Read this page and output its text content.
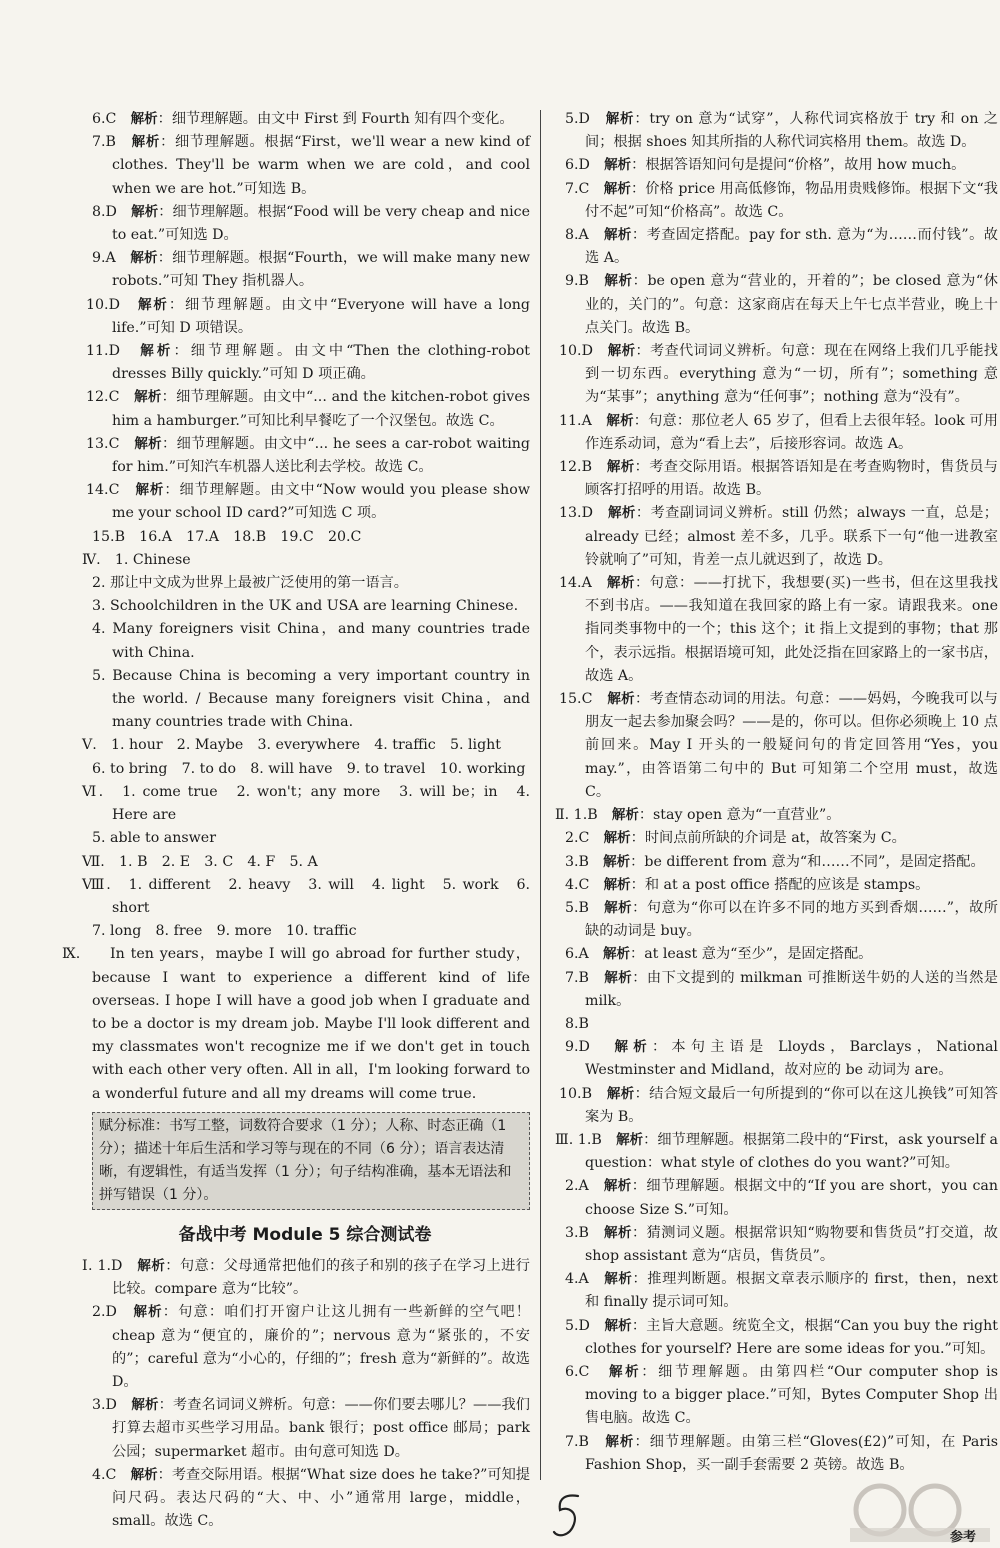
6.C　 解析：细节理解题。由文中 First 到 Fourth 知有四个变化。

7.B　 解析：细节理解题。根据“First，we'll wear a new kind of clothes. They'll be warm when we are cold，and cool when we are hot.”可知选 B。

8.D　 解析：细节理解题。根据“Food will be very cheap and nice to eat.”可知选 D。

9.A　 解析：细节理解题。根据“Fourth，we will make many new robots.”可知 They 指机器人。

10.D　 解析：细节理解题。由文中“Everyone will have a long life.”可知 D 项错误。

11.D　 解析：细节理解题。由文中“Then the clothing-robot dresses Billy quickly.”可知 D 项正确。

12.C　 解析：细节理解题。由文中“... and the kitchen-robot gives him a hamburger.”可知比利早餐吃了一个汉堡包。故选 C。

13.C　 解析：细节理解题。由文中“... he sees a car-robot waiting for him.”可知汽车机器人送比利去学校。故选 C。

14.C　 解析：细节理解题。由文中“Now would you please show me your school ID card?”可知选 C 项。

15.B　16.A　17.A　18.B　19.C　20.C

Ⅳ.　 1. Chinese

2. 那让中文成为世界上最被广泛使用的第一语言。

3. Schoolchildren in the UK and USA are learning Chinese.

4. Many foreigners visit China，and many countries trade with China.

5. Because China is becoming a very important country in the world. / Because many foreigners visit China，and many countries trade with China.

Ⅴ.　 1. hour　2. Maybe　3. everywhere　4. traffic　5. light

6. to bring　7. to do　8. will have　9. to travel　10. working

Ⅵ.　 1. come true　2. won't；any more　3. will be；in　4. Here are

5. able to answer

Ⅶ.　 1. B　2. E　3. C　4. F　5. A

Ⅷ.　 1. different　2. heavy　3. will　4. light　5. work　6. short

7. long　8. free　9. more　10. traffic

Ⅸ. In ten years，maybe I will go abroad for further study，because I want to experience a different kind of life overseas. I hope I will have a good job when I graduate and to be a doctor is my dream job. Maybe I'll look different and my classmates won't recognize me if we don't get in touch with each other very often. All in all，I'm looking forward to a wonderful future and all my dreams will come true.
赋分标准：书写工整，词数符合要求（1 分）；人称、时态正确（1 分）；描述十年后生活和学习等与现在的不同（6 分）；语言表达清晰，有逻辑性，有适当发挥（1 分）；句子结构准确，基本无语法和拼写错误（1 分）。
备战中考 Module 5 综合测试卷

Ⅰ. 1.D　 解析：句意：父母通常把他们的孩子和别的孩子在学习上进行比较。compare 意为“比较”。

2.D　 解析：句意：咱们打开窗户让这儿拥有一些新鲜的空气吧！cheap 意为“便宜的，廉价的”；nervous 意为“紧张的，不安的”；careful 意为“小心的，仔细的”；fresh 意为“新鲜的”。故选 D。

3.D　 解析：考查名词词义辨析。句意：——你们要去哪儿？——我们打算去超市买些学习用品。bank 银行；post office 邮局；park 公园；supermarket 超市。由句意可知选 D。

4.C　 解析：考查交际用语。根据“What size does he take?”可知提问尺码。表达尺码的“大、中、小”通常用 large，middle，small。故选 C。

5.D　 解析：try on 意为“试穿”，人称代词宾格放于 try 和 on 之间；根据 shoes 知其所指的人称代词宾格用 them。故选 D。

6.D　 解析：根据答语知问句是提问“价格”，故用 how much。

7.C　 解析：价格 price 用高低修饰，物品用贵贱修饰。根据下文“我付不起”可知“价格高”。故选 C。

8.A　 解析：考查固定搭配。pay for sth. 意为“为……而付钱”。故选 A。

9.B　 解析：be open 意为“营业的，开着的”；be closed 意为“休业的，关门的”。句意：这家商店在每天上午七点半营业，晚上十点关门。故选 B。

10.D　 解析：考查代词词义辨析。句意：现在在网络上我们几乎能找到一切东西。everything 意为“一切，所有”；something 意为“某事”；anything 意为“任何事”；nothing 意为“没有”。

11.A　 解析：句意：那位老人 65 岁了，但看上去很年轻。look 可用作连系动词，意为“看上去”，后接形容词。故选 A。

12.B　 解析：考查交际用语。根据答语知是在考查购物时，售货员与顾客打招呼的用语。故选 B。

13.D　 解析：考查副词词义辨析。still 仍然；always 一直，总是；already 已经；almost 差不多，几乎。联系下一句“他一进教室铃就响了”可知，肯差一点儿就迟到了，故选 D。

14.A　 解析：句意：——打扰下，我想要(买)一些书，但在这里我找不到书店。——我知道在我回家的路上有一家。请跟我来。one 指同类事物中的一个；this 这个；it 指上文提到的事物；that 那个，表示远指。根据语境可知，此处泛指在回家路上的一家书店，故选 A。

15.C　 解析：考查情态动词的用法。句意：——妈妈，今晚我可以与朋友一起去参加聚会吗？——是的，你可以。但你必须晚上 10 点前回来。May I 开头的一般疑问句的肯定回答用“Yes，you may.”，由答语第二句中的 But 可知第二个空用 must，故选 C。

Ⅱ. 1.B　 解析：stay open 意为“一直营业”。

2.C　 解析：时间点前所缺的介词是 at，故答案为 C。

3.B　 解析：be different from 意为“和……不同”，是固定搭配。

4.C　 解析：和 at a post office 搭配的应该是 stamps。

5.B　 解析：句意为“你可以在许多不同的地方买到香烟……”，故所缺的动词是 buy。

6.A　 解析：at least 意为“至少”，是固定搭配。

7.B　 解析：由下文提到的 milkman 可推断送牛奶的人送的当然是 milk。

8.B　

9.D　 解析：本句主语是 Lloyds，Barclays，National Westminster and Midland，故对应的 be 动词为 are。

10.B　 解析：结合短文最后一句所提到的“你可以在这儿换钱”可知答案为 B。

Ⅲ. 1.B　 解析：细节理解题。根据第二段中的“First，ask yourself a question：what style of clothes do you want?”可知。

2.A　 解析：细节理解题。根据文中的“If you are short，you can choose Size S.”可知。

3.B　 解析：猜测词义题。根据常识知“购物要和售货员”打交道，故 shop assistant 意为“店员，售货员”。

4.A　 解析：推理判断题。根据文章表示顺序的 first，then，next 和 finally 提示词可知。

5.D　 解析：主旨大意题。统览全文，根据“Can you buy the right clothes for yourself? Here are some ideas for you.”可知。

6.C　 解析：细节理解题。由第四栏“Our computer shop is moving to a bigger place.”可知，Bytes Computer Shop 出售电脑。故选 C。

7.B　 解析：细节理解题。由第三栏“Gloves(£2)”可知，在 Paris Fashion Shop，买一副手套需要 2 英镑。故选 B。

参考
